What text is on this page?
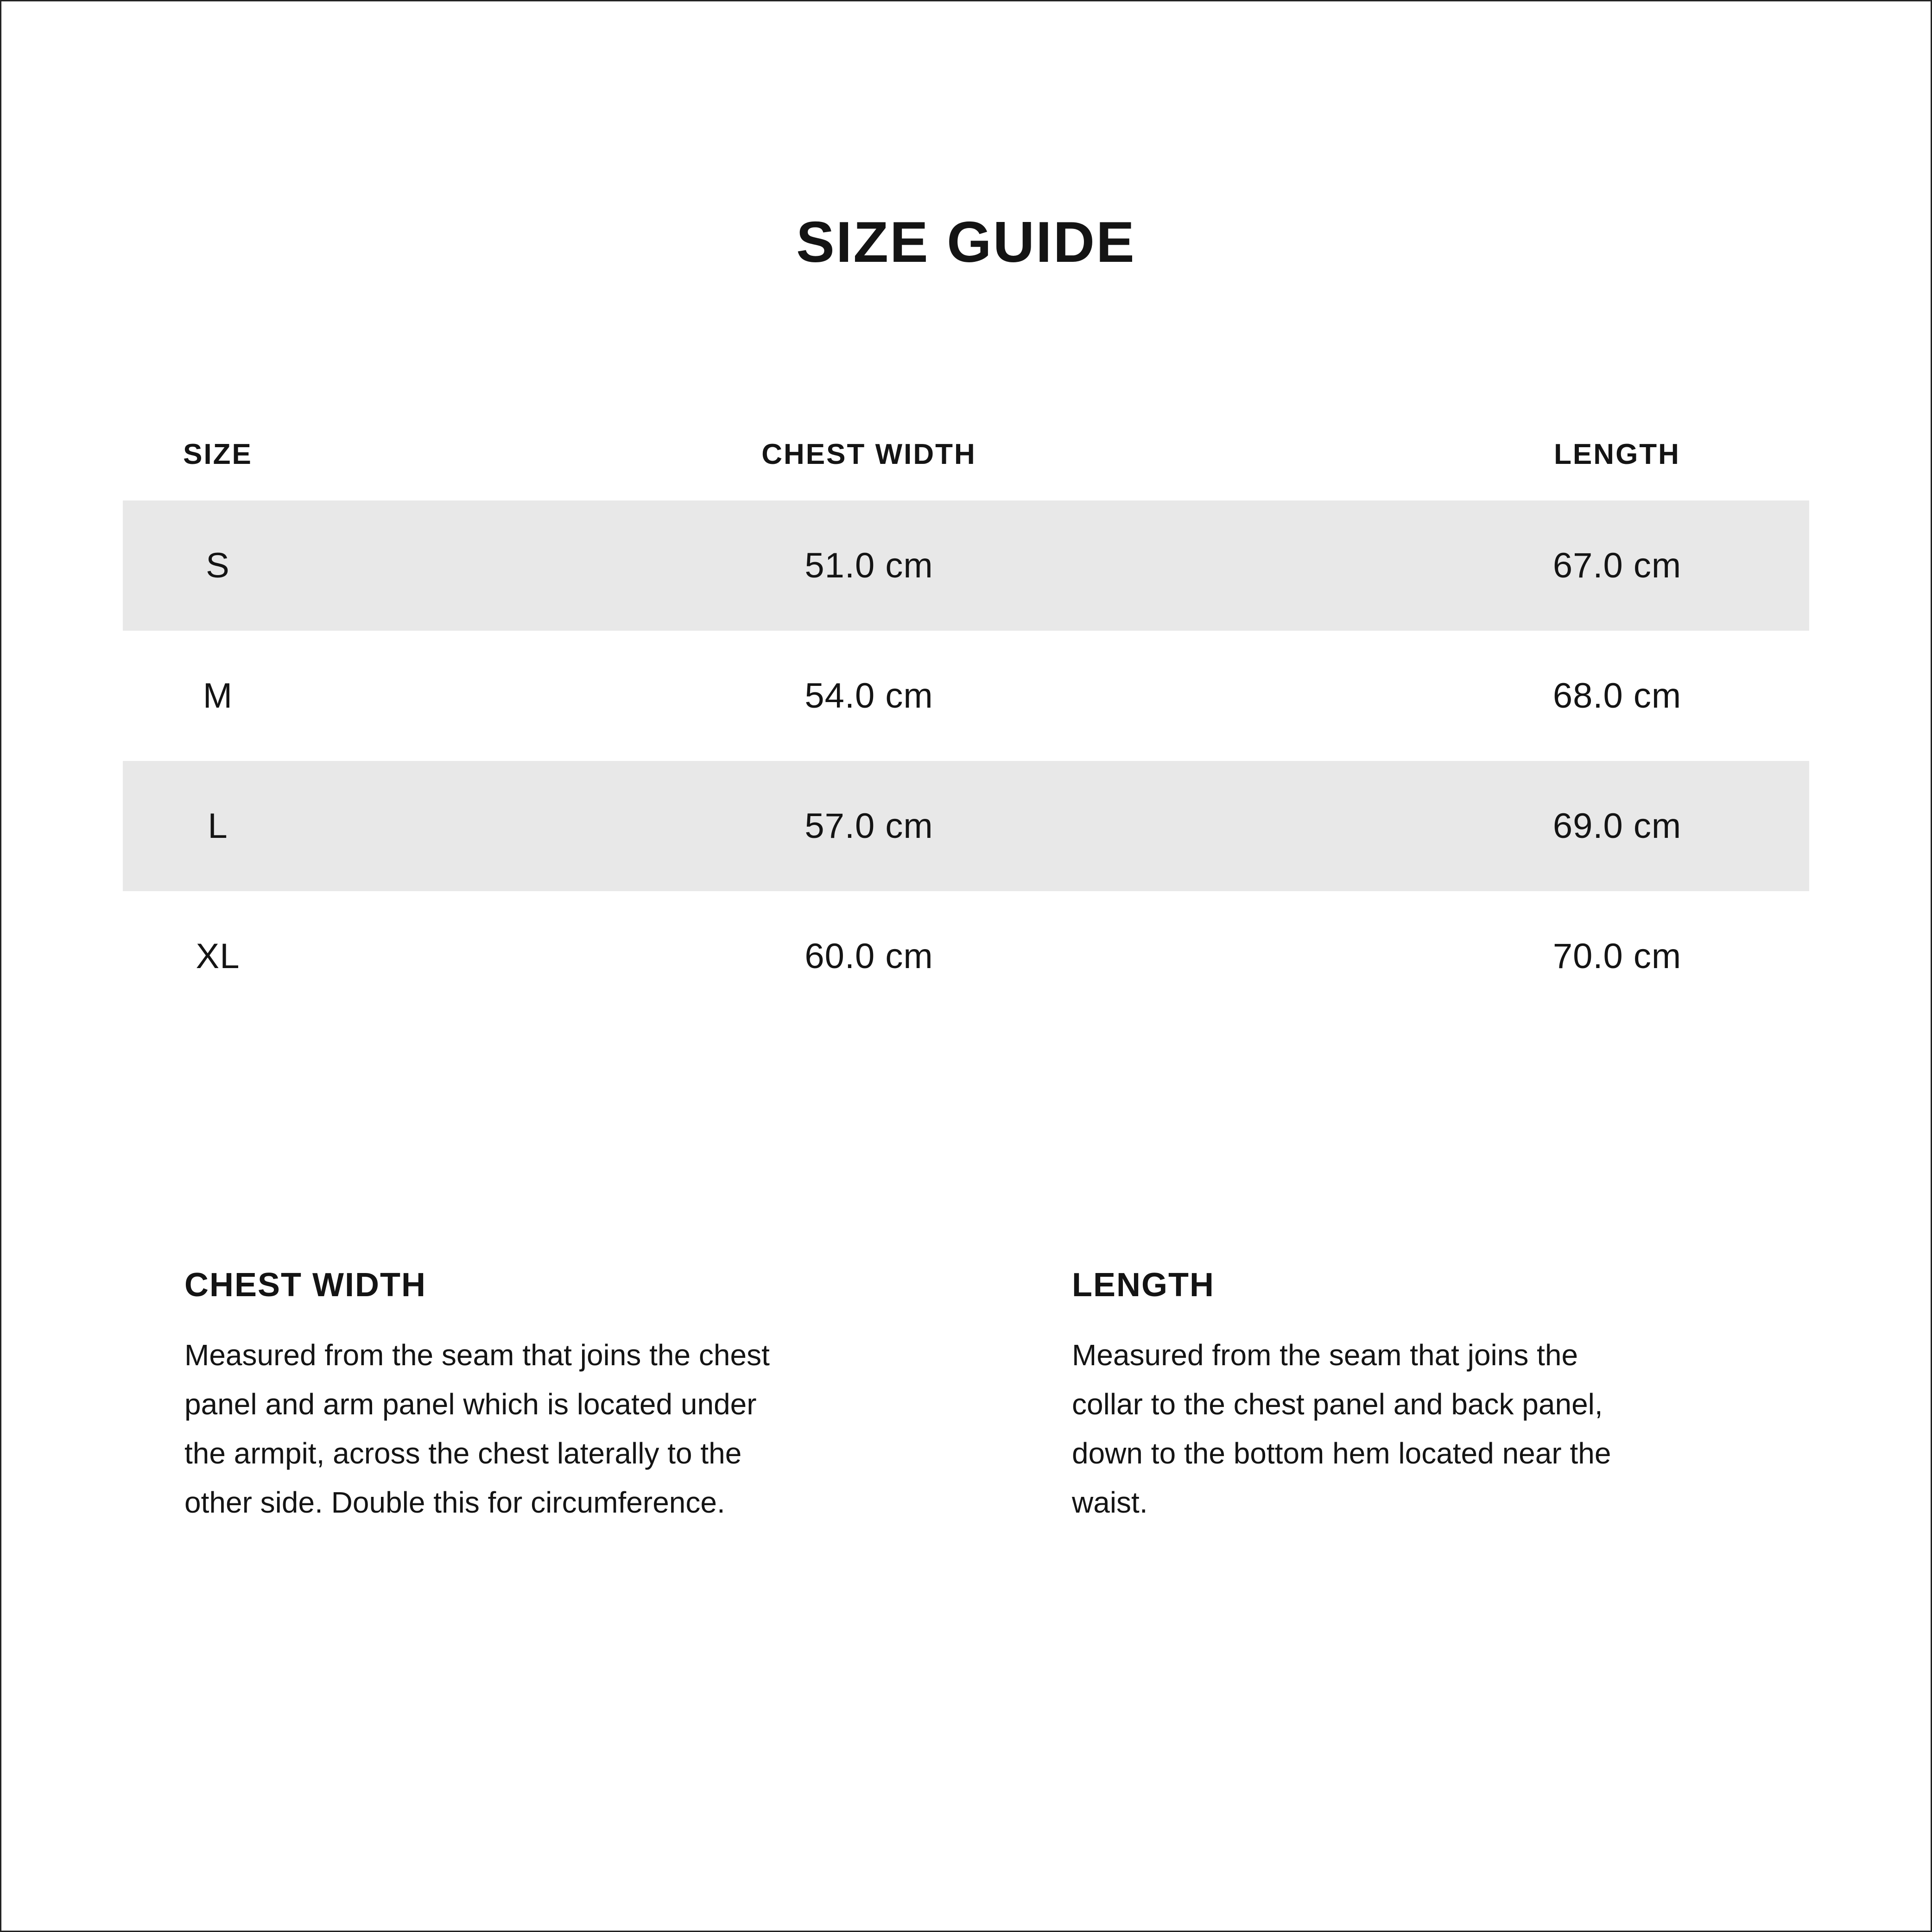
SIZE GUIDE
SIZE	CHEST WIDTH	LENGTH
S	51.0 cm	67.0 cm
M	54.0 cm	68.0 cm
L	57.0 cm	69.0 cm
XL	60.0 cm	70.0 cm
CHEST WIDTH
Measured from the seam that joins the chest
panel and arm panel which is located under
the armpit, across the chest laterally to the
other side. Double this for circumference.
LENGTH
Measured from the seam that joins the
collar to the chest panel and back panel,
down to the bottom hem located near the
waist.
